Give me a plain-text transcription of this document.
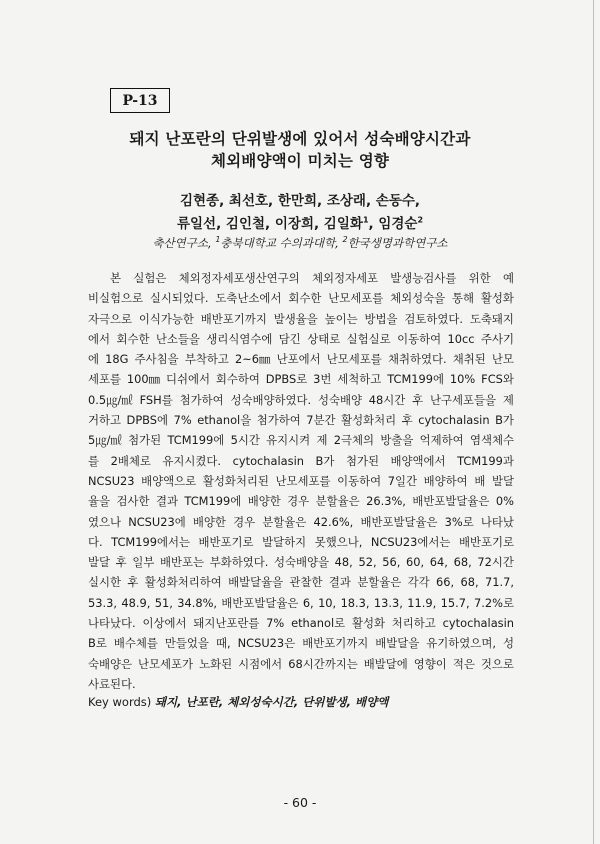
P-13
돼지 난포란의 단위발생에 있어서 성숙배양시간과
체외배양액이 미치는 영향
김현종, 최선호, 한만희, 조상래, 손동수,
류일선, 김인철, 이장희, 김일화$^1$, 임경순$^2$
축산연구소, $^1$충북대학교 수의과대학, $^2$한국생명과학연구소
본 실험은 체외정자세포생산연구의 체외정자세포 발생능검사를 위한 예
비실험으로 실시되었다. 도축난소에서 회수한 난모세포를 체외성숙을 통해 활성화
자극으로 이식가능한 배반포기까지 발생율을 높이는 방법을 검토하였다. 도축돼지
에서 회수한 난소들을 생리식염수에 담긴 상태로 실험실로 이동하여 10cc 주사기
에 18G 주사침을 부착하고 2~6㎜ 난포에서 난모세포를 채취하였다. 채취된 난모
세포를 100㎜ 디쉬에서 회수하여 DPBS로 3번 세척하고 TCM199에 10% FCS와
0.5㎍/㎖ FSH를 첨가하여 성숙배양하였다. 성숙배양 48시간 후 난구세포들을 제
거하고 DPBS에 7% ethanol을 첨가하여 7분간 활성화처리 후 cytochalasin B가
5㎍/㎖ 첨가된 TCM199에 5시간 유지시켜 제 2극체의 방출을 억제하여 염색체수
를 2배체로 유지시켰다. cytochalasin B가 첨가된 배양액에서 TCM199과
NCSU23 배양액으로 활성화처리된 난모세포를 이동하여 7일간 배양하여 배 발달
율을 검사한 결과 TCM199에 배양한 경우 분할율은 26.3%, 배반포발달율은 0%
였으나 NCSU23에 배양한 경우 분할율은 42.6%, 배반포발달율은 3%로 나타났
다. TCM199에서는 배반포기로 발달하지 못했으나, NCSU23에서는 배반포기로
발달 후 일부 배반포는 부화하였다. 성숙배양을 48, 52, 56, 60, 64, 68, 72시간
실시한 후 활성화처리하여 배발달율을 관찰한 결과 분할율은 각각 66, 68, 71.7,
53.3, 48.9, 51, 34.8%, 배반포발달율은 6, 10, 18.3, 13.3, 11.9, 15.7, 7.2%로
나타났다. 이상에서 돼지난포란를 7% ethanol로 활성화 처리하고 cytochalasin
B로 배수체를 만들었을 때, NCSU23은 배반포기까지 배발달을 유기하였으며, 성
숙배양은 난모세포가 노화된 시점에서 68시간까지는 배발달에 영향이 적은 것으로
사료된다.
Key words) 돼지, 난포란, 체외성숙시간, 단위발생, 배양액
- 60 -
